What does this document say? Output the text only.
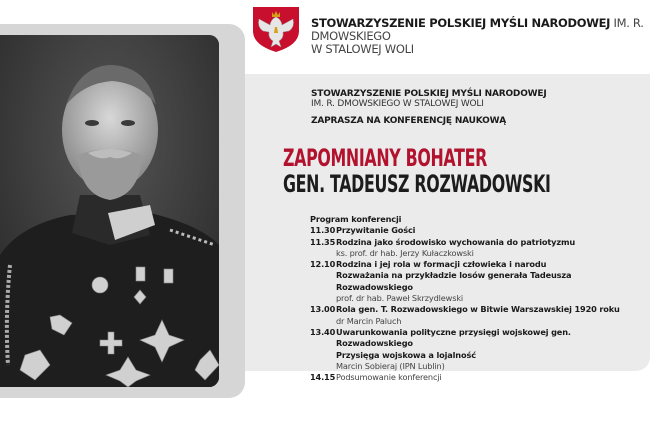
STOWARZYSZENIE POLSKIEJ MYŚLI NARODOWEJ IM. R. DMOWSKIEGO
W STALOWEJ WOLI
STOWARZYSZENIE POLSKIEJ MYŚLI NARODOWEJ
IM. R. DMOWSKIEGO W STALOWEJ WOLI
ZAPRASZA NA KONFERENCJĘ NAUKOWĄ
ZAPOMNIANY BOHATER
GEN. TADEUSZ ROZWADOWSKI
Program konferencji
11.30 Przywitanie Gości
11.35 Rodzina jako środowisko wychowania do patriotyzmu
ks. prof. dr hab. Jerzy Kułaczkowski
12.10 Rodzina i jej rola w formacji człowieka i narodu
Rozważania na przykładzie losów generała Tadeusza Rozwadowskiego
prof. dr hab. Paweł Skrzydlewski
13.00 Rola gen. T. Rozwadowskiego w Bitwie Warszawskiej 1920 roku
dr Marcin Paluch
13.40 Uwarunkowania polityczne przysięgi wojskowej gen. Rozwadowskiego
Przysięga wojskowa a lojalność
Marcin Sobieraj (IPN Lublin)
14.15 Podsumowanie konferencji
